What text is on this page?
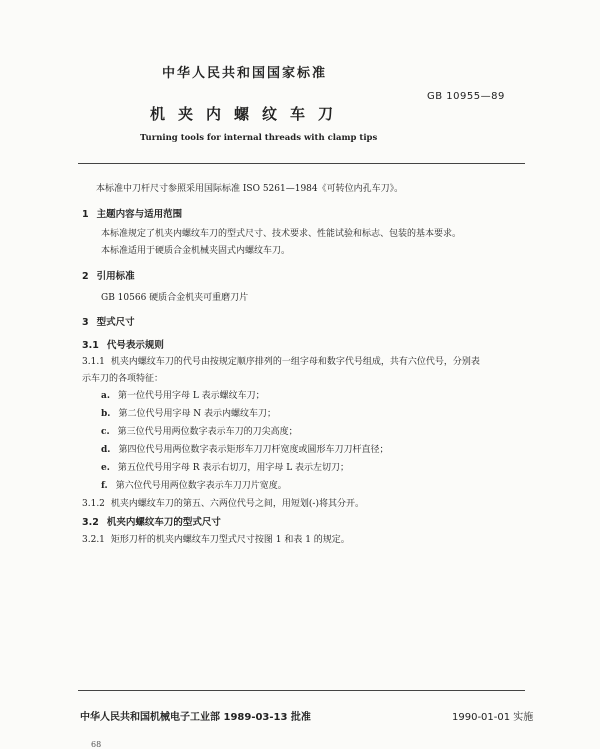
中华人民共和国国家标准
GB 10955—89
机夹内螺纹车刀
Turning tools for internal threads with clamp tips
本标准中刀杆尺寸参照采用国际标准 ISO 5261—1984《可转位内孔车刀》。
1 主题内容与适用范围
本标准规定了机夹内螺纹车刀的型式尺寸、技术要求、性能试验和标志、包装的基本要求。
本标准适用于硬质合金机械夹固式内螺纹车刀。
2 引用标准
GB 10566 硬质合金机夹可重磨刀片
3 型式尺寸
3.1 代号表示规则
3.1.1 机夹内螺纹车刀的代号由按规定顺序排列的一组字母和数字代号组成，共有六位代号，分别表
示车刀的各项特征：
a. 第一位代号用字母 L 表示螺纹车刀；
b. 第二位代号用字母 N 表示内螺纹车刀；
c. 第三位代号用两位数字表示车刀的刀尖高度；
d. 第四位代号用两位数字表示矩形车刀刀杆宽度或圆形车刀刀杆直径；
e. 第五位代号用字母 R 表示右切刀，用字母 L 表示左切刀；
f. 第六位代号用两位数字表示车刀刀片宽度。
3.1.2 机夹内螺纹车刀的第五、六两位代号之间，用短划(-)将其分开。
3.2 机夹内螺纹车刀的型式尺寸
3.2.1 矩形刀杆的机夹内螺纹车刀型式尺寸按图 1 和表 1 的规定。
中华人民共和国机械电子工业部 1989-03-13 批准	1990-01-01 实施
68
